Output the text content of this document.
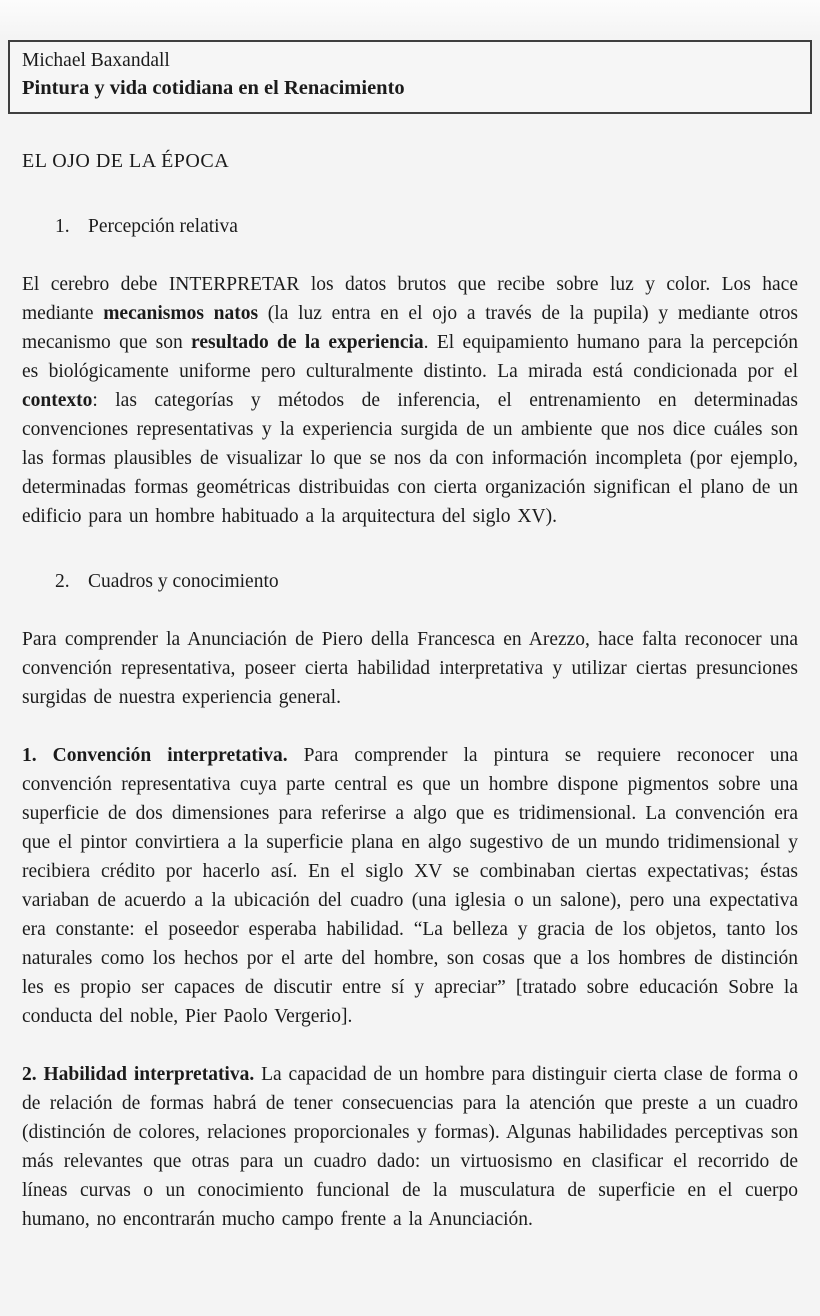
Michael Baxandall
Pintura y vida cotidiana en el Renacimiento
EL OJO DE LA ÉPOCA
1. Percepción relativa

El cerebro debe INTERPRETAR los datos brutos que recibe sobre luz y color. Los hace mediante mecanismos natos (la luz entra en el ojo a través de la pupila) y mediante otros mecanismo que son resultado de la experiencia. El equipamiento humano para la percepción es biológicamente uniforme pero culturalmente distinto. La mirada está condicionada por el contexto: las categorías y métodos de inferencia, el entrenamiento en determinadas convenciones representativas y la experiencia surgida de un ambiente que nos dice cuáles son las formas plausibles de visualizar lo que se nos da con información incompleta (por ejemplo, determinadas formas geométricas distribuidas con cierta organización significan el plano de un edificio para un hombre habituado a la arquitectura del siglo XV).

2. Cuadros y conocimiento

Para comprender la Anunciación de Piero della Francesca en Arezzo, hace falta reconocer una convención representativa, poseer cierta habilidad interpretativa y utilizar ciertas presunciones surgidas de nuestra experiencia general.

1. Convención interpretativa. Para comprender la pintura se requiere reconocer una convención representativa cuya parte central es que un hombre dispone pigmentos sobre una superficie de dos dimensiones para referirse a algo que es tridimensional. La convención era que el pintor convirtiera a la superficie plana en algo sugestivo de un mundo tridimensional y recibiera crédito por hacerlo así. En el siglo XV se combinaban ciertas expectativas; éstas variaban de acuerdo a la ubicación del cuadro (una iglesia o un salone), pero una expectativa era constante: el poseedor esperaba habilidad. “La belleza y gracia de los objetos, tanto los naturales como los hechos por el arte del hombre, son cosas que a los hombres de distinción les es propio ser capaces de discutir entre sí y apreciar” [tratado sobre educación Sobre la conducta del noble, Pier Paolo Vergerio].

2. Habilidad interpretativa. La capacidad de un hombre para distinguir cierta clase de forma o de relación de formas habrá de tener consecuencias para la atención que preste a un cuadro (distinción de colores, relaciones proporcionales y formas). Algunas habilidades perceptivas son más relevantes que otras para un cuadro dado: un virtuosismo en clasificar el recorrido de líneas curvas o un conocimiento funcional de la musculatura de superficie en el cuerpo humano, no encontrarán mucho campo frente a la Anunciación.
